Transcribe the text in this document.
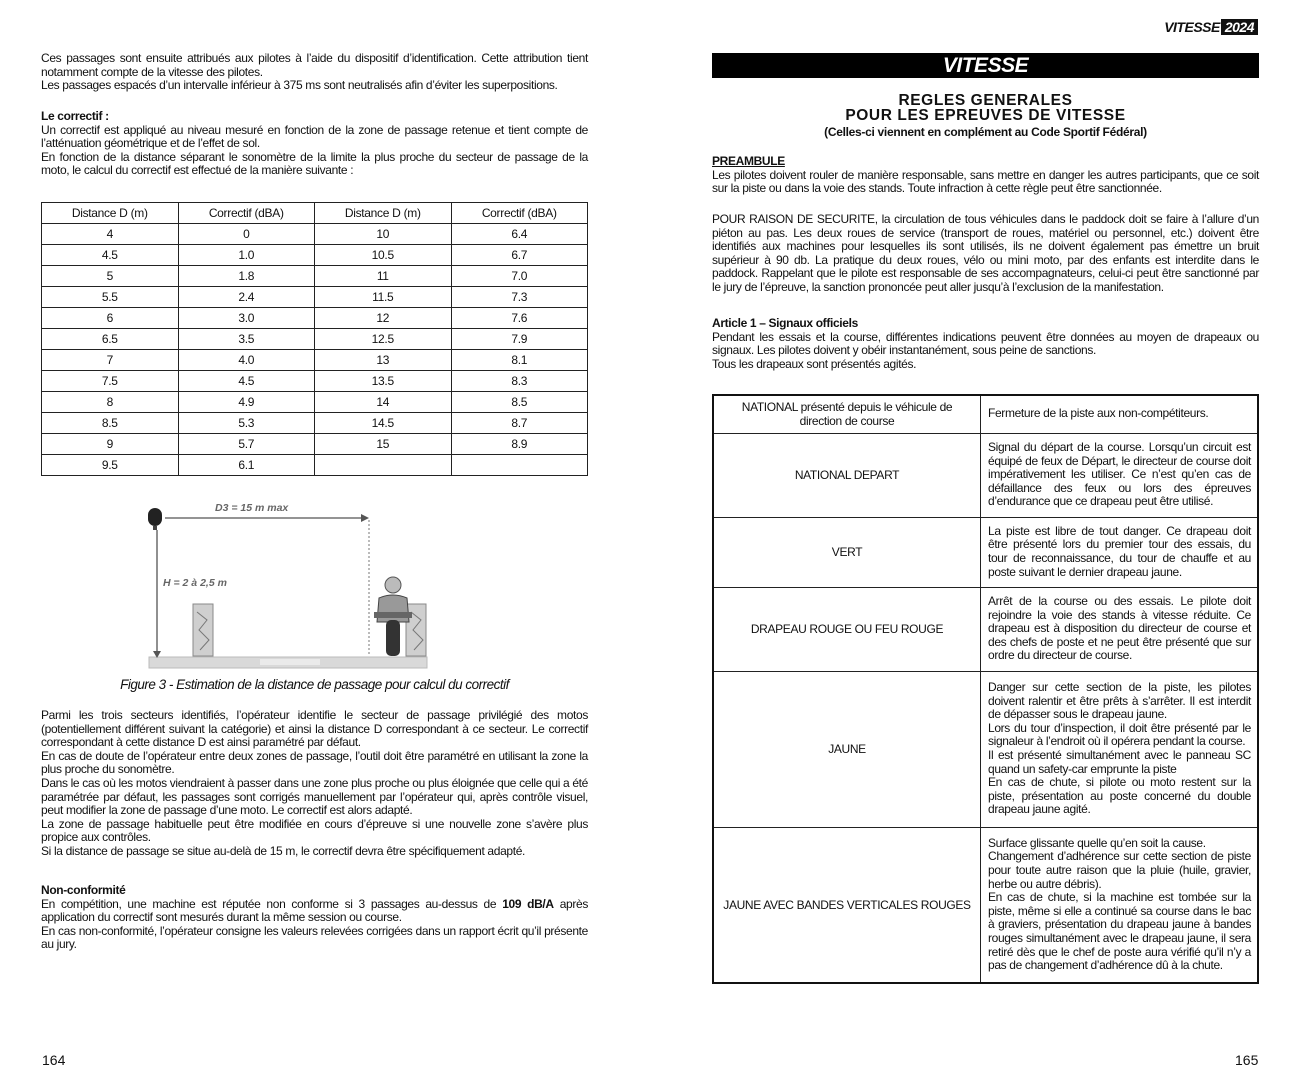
Ces passages sont ensuite attribués aux pilotes à l’aide du dispositif d’identification. Cette attribution tient notamment compte de la vitesse des pilotes.

Les passages espacés d’un intervalle inférieur à 375 ms sont neutralisés afin d’éviter les superpositions.

Le correctif :

Un correctif est appliqué au niveau mesuré en fonction de la zone de passage retenue et tient compte de l’atténuation géométrique et de l’effet de sol.

En fonction de la distance séparant le sonomètre de la limite la plus proche du secteur de passage de la moto, le calcul du correctif est effectué de la manière suivante :

Distance D (m)	Correctif (dBA)	Distance D (m)	Correctif (dBA)
4	0	10	6.4
4.5	1.0	10.5	6.7
5	1.8	11	7.0
5.5	2.4	11.5	7.3
6	3.0	12	7.6
6.5	3.5	12.5	7.9
7	4.0	13	8.1
7.5	4.5	13.5	8.3
8	4.9	14	8.5
8.5	5.3	14.5	8.7
9	5.7	15	8.9
9.5	6.1		
D3 = 15 m max
H = 2 à 2,5 m
Figure 3 - Estimation de la distance de passage pour calcul du correctif

Parmi les trois secteurs identifiés, l’opérateur identifie le secteur de passage privilégié des motos (potentiellement différent suivant la catégorie) et ainsi la distance D correspondant à ce secteur. Le correctif correspondant à cette distance D est ainsi paramétré par défaut.

En cas de doute de l’opérateur entre deux zones de passage, l’outil doit être paramétré en utilisant la zone la plus proche du sonomètre.

Dans le cas où les motos viendraient à passer dans une zone plus proche ou plus éloignée que celle qui a été paramétrée par défaut, les passages sont corrigés manuellement par l’opérateur qui, après contrôle visuel, peut modifier la zone de passage d’une moto. Le correctif est alors adapté.

La zone de passage habituelle peut être modifiée en cours d’épreuve si une nouvelle zone s’avère plus propice aux contrôles.

Si la distance de passage se situe au-delà de 15 m, le correctif devra être spécifiquement adapté.

Non-conformité

En compétition, une machine est réputée non conforme si 3 passages au-dessus de 109 dB/A après application du correctif sont mesurés durant la même session ou course.

En cas non-conformité, l’opérateur consigne les valeurs relevées corrigées dans un rapport écrit qu’il présente au jury.

164
VITESSE 2024
VITESSE
REGLES GENERALES
POUR LES EPREUVES DE VITESSE
(Celles-ci viennent en complément au Code Sportif Fédéral)

PREAMBULE

Les pilotes doivent rouler de manière responsable, sans mettre en danger les autres participants, que ce soit sur la piste ou dans la voie des stands. Toute infraction à cette règle peut être sanctionnée.

POUR RAISON DE SECURITE, la circulation de tous véhicules dans le paddock doit se faire à l’allure d’un piéton au pas. Les deux roues de service (transport de roues, matériel ou personnel, etc.) doivent être identifiés aux machines pour lesquelles ils sont utilisés, ils ne doivent également pas émettre un bruit supérieur à 90 db. La pratique du deux roues, vélo ou mini moto, par des enfants est interdite dans le paddock. Rappelant que le pilote est responsable de ses accompagnateurs, celui-ci peut être sanctionné par le jury de l’épreuve, la sanction prononcée peut aller jusqu’à l’exclusion de la manifestation.

Article 1 – Signaux officiels

Pendant les essais et la course, différentes indications peuvent être données au moyen de drapeaux ou signaux. Les pilotes doivent y obéir instantanément, sous peine de sanctions.

Tous les drapeaux sont présentés agités.

NATIONAL présenté depuis le véhicule de direction de course	Fermeture de la piste aux non-compétiteurs.

NATIONAL DEPART	Signal du départ de la course. Lorsqu’un circuit est équipé de feux de Départ, le directeur de course doit impérativement les utiliser. Ce n’est qu’en cas de défaillance des feux ou lors des épreuves d’endurance que ce drapeau peut être utilisé.

VERT	La piste est libre de tout danger. Ce drapeau doit être présenté lors du premier tour des essais, du tour de reconnaissance, du tour de chauffe et au poste suivant le dernier drapeau jaune.

DRAPEAU ROUGE OU FEU ROUGE	Arrêt de la course ou des essais. Le pilote doit rejoindre la voie des stands à vitesse réduite. Ce drapeau est à disposition du directeur de course et des chefs de poste et ne peut être présenté que sur ordre du directeur de course.

JAUNE	Danger sur cette section de la piste, les pilotes doivent ralentir et être prêts à s’arrêter. Il est interdit de dépasser sous le drapeau jaune.
Lors du tour d’inspection, il doit être présenté par le signaleur à l’endroit où il opérera pendant la course.
Il est présenté simultanément avec le panneau SC quand un safety-car emprunte la piste
En cas de chute, si pilote ou moto restent sur la piste, présentation au poste concerné du double drapeau jaune agité.

JAUNE AVEC BANDES VERTICALES ROUGES	Surface glissante quelle qu’en soit la cause.
Changement d’adhérence sur cette section de piste pour toute autre raison que la pluie (huile, gravier, herbe ou autre débris).
En cas de chute, si la machine est tombée sur la piste, même si elle a continué sa course dans le bac à graviers, présentation du drapeau jaune à bandes rouges simultanément avec le drapeau jaune, il sera retiré dès que le chef de poste aura vérifié qu’il n’y a pas de changement d’adhérence dû à la chute.
165
